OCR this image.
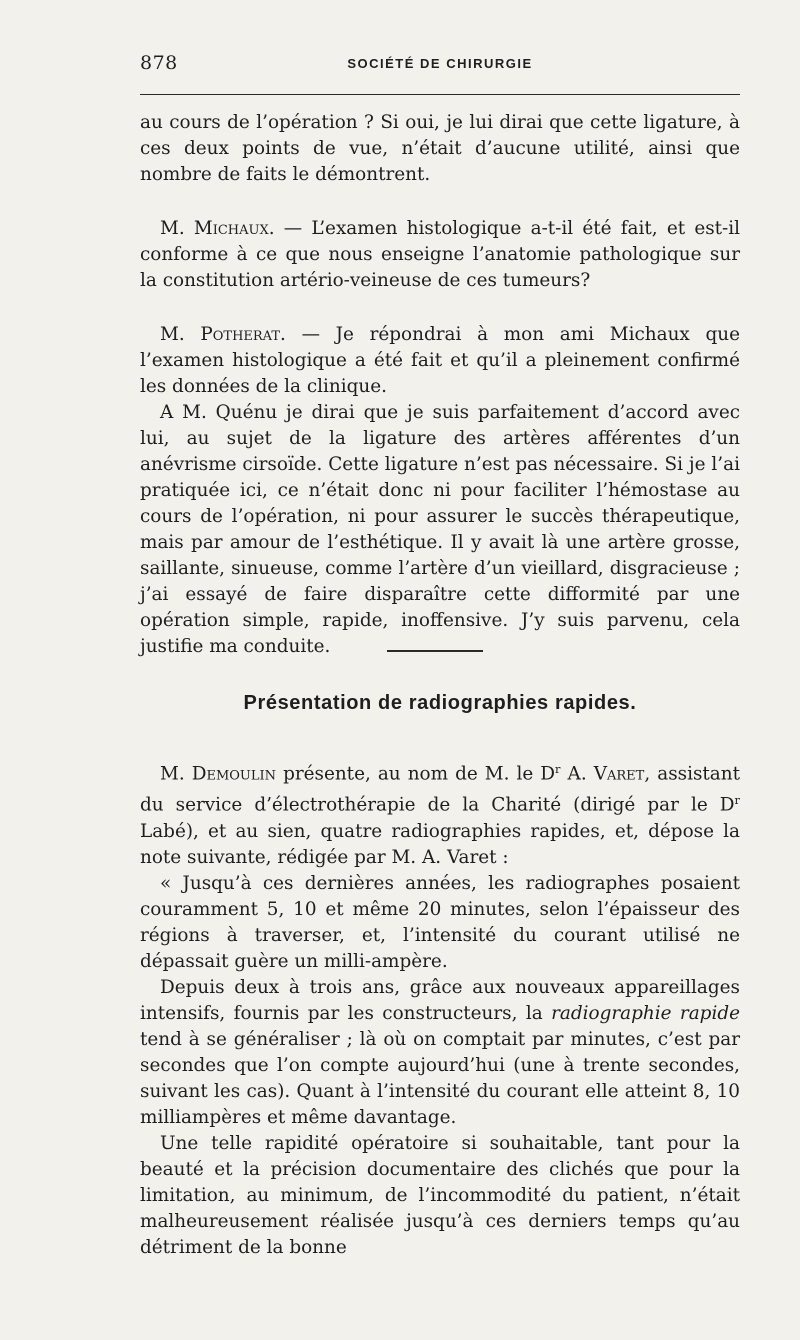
878	SOCIÉTÉ DE CHIRURGIE

au cours de l’opération ? Si oui, je lui dirai que cette ligature, à ces deux points de vue, n’était d’aucune utilité, ainsi que nombre de faits le démontrent.

M. Michaux. — L’examen histologique a-t-il été fait, et est-il conforme à ce que nous enseigne l’anatomie pathologique sur la constitution artério-veineuse de ces tumeurs?

M. Potherat. — Je répondrai à mon ami Michaux que l’examen histologique a été fait et qu’il a pleinement confirmé les données de la clinique.

A M. Quénu je dirai que je suis parfaitement d’accord avec lui, au sujet de la ligature des artères afférentes d’un anévrisme cirsoïde. Cette ligature n’est pas nécessaire. Si je l’ai pratiquée ici, ce n’était donc ni pour faciliter l’hémostase au cours de l’opération, ni pour assurer le succès thérapeutique, mais par amour de l’esthétique. Il y avait là une artère grosse, saillante, sinueuse, comme l’artère d’un vieillard, disgracieuse ; j’ai essayé de faire disparaître cette difformité par une opération simple, rapide, inoffensive. J’y suis parvenu, cela justifie ma conduite.

Présentation de radiographies rapides.

M. Demoulin présente, au nom de M. le $D^r$ A. Varet, assistant du service d’électrothérapie de la Charité (dirigé par le $D^r$ Labé), et au sien, quatre radiographies rapides, et, dépose la note suivante, rédigée par M. A. Varet :

« Jusqu’à ces dernières années, les radiographes posaient couramment 5, 10 et même 20 minutes, selon l’épaisseur des régions à traverser, et, l’intensité du courant utilisé ne dépassait guère un milli-ampère.

Depuis deux à trois ans, grâce aux nouveaux appareillages intensifs, fournis par les constructeurs, la radiographie rapide tend à se généraliser ; là où on comptait par minutes, c’est par secondes que l’on compte aujourd’hui (une à trente secondes, suivant les cas). Quant à l’intensité du courant elle atteint 8, 10 milliampères et même davantage.

Une telle rapidité opératoire si souhaitable, tant pour la beauté et la précision documentaire des clichés que pour la limitation, au minimum, de l’incommodité du patient, n’était malheureusement réalisée jusqu’à ces derniers temps qu’au détriment de la bonne
